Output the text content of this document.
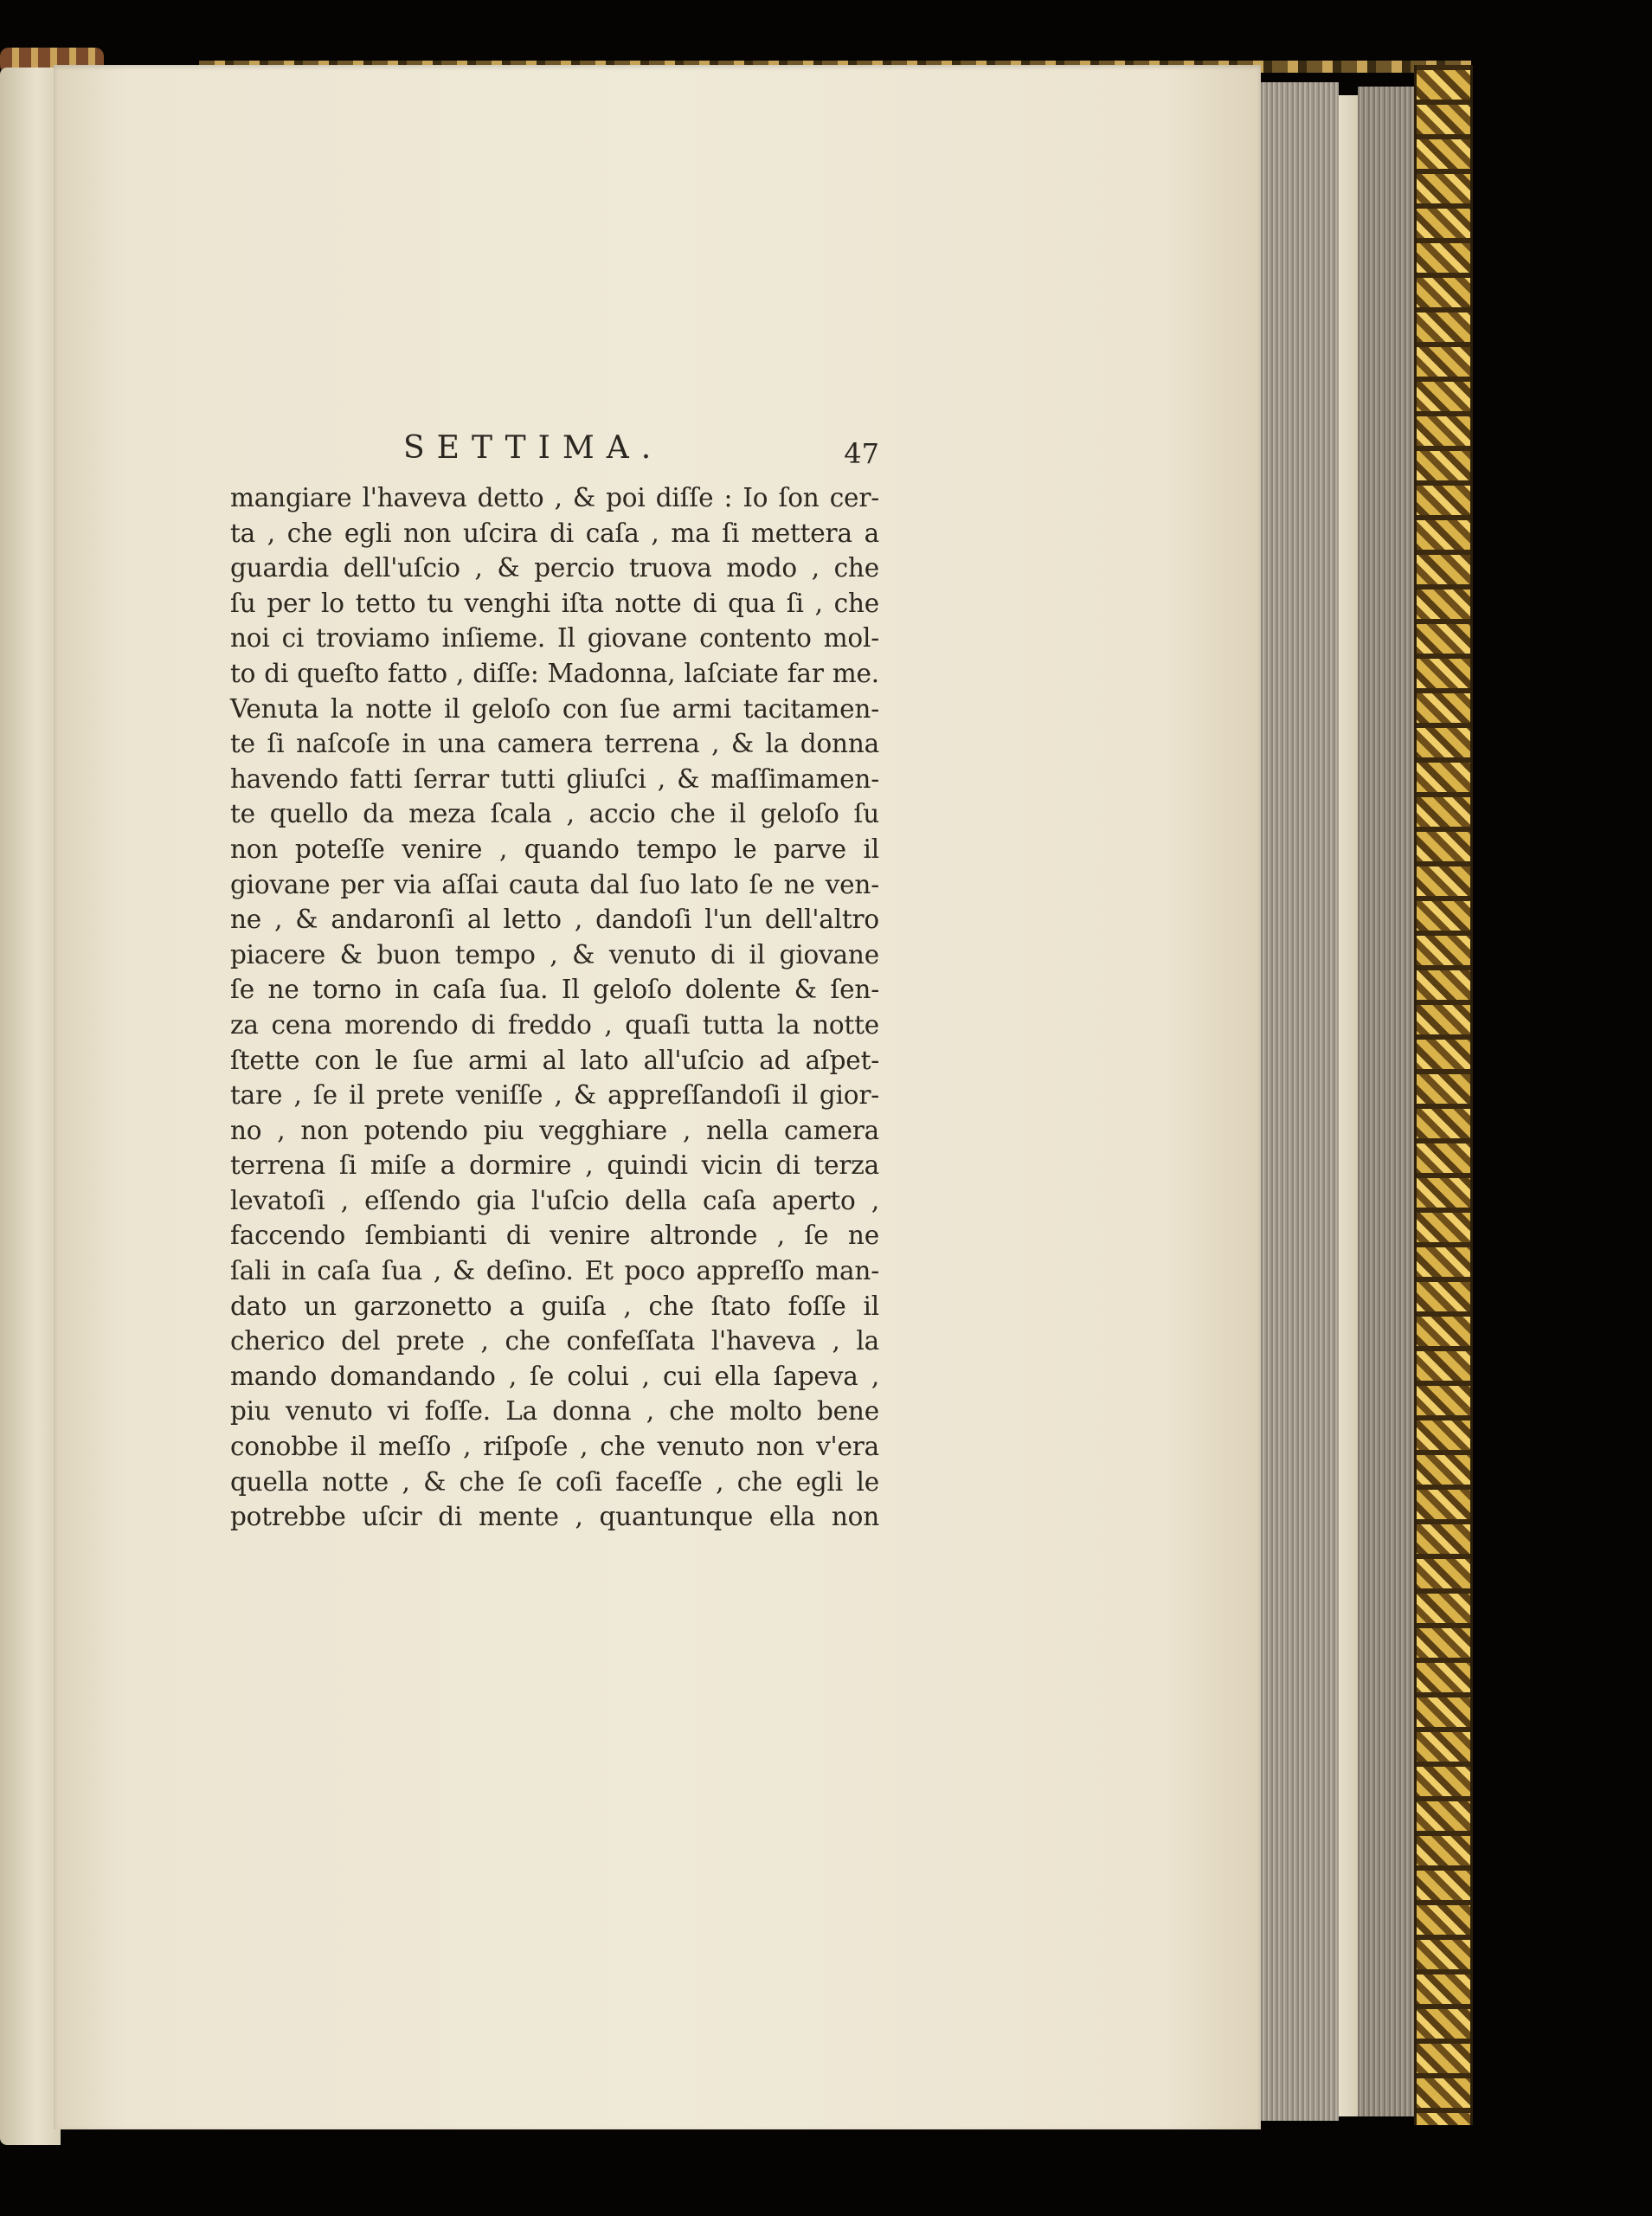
SETTIMA.	47
mangiare l'haveva detto , & poi diſſe : Io ſon cer-
ta , che egli non uſcira di caſa , ma ſi mettera a
guardia dell'uſcio , & percio truova modo , che
ſu per lo tetto tu venghi iſta notte di qua ſi , che
noi ci troviamo inſieme. Il giovane contento mol-
to di queſto fatto , diſſe: Madonna, laſciate far me.
Venuta la notte il geloſo con ſue armi tacitamen-
te ſi naſcoſe in una camera terrena , & la donna
havendo fatti ſerrar tutti gliuſci , & maſſimamen-
te quello da meza ſcala , accio che il geloſo ſu
non poteſſe venire , quando tempo le parve il
giovane per via aſſai cauta dal ſuo lato ſe ne ven-
ne , & andaronſi al letto , dandoſi l'un dell'altro
piacere & buon tempo , & venuto di il giovane
ſe ne torno in caſa ſua. Il geloſo dolente & ſen-
za cena morendo di freddo , quaſi tutta la notte
ſtette con le ſue armi al lato all'uſcio ad aſpet-
tare , ſe il prete veniſſe , & appreſſandoſi il gior-
no , non potendo piu vegghiare , nella camera
terrena ſi miſe a dormire , quindi vicin di terza
levatoſi , eſſendo gia l'uſcio della caſa aperto ,
faccendo ſembianti di venire altronde , ſe ne
ſali in caſa ſua , & deſino. Et poco appreſſo man-
dato un garzonetto a guiſa , che ſtato foſſe il
cherico del prete , che confeſſata l'haveva , la
mando domandando , ſe colui , cui ella ſapeva ,
piu venuto vi foſſe. La donna , che molto bene
conobbe il meſſo , riſpoſe , che venuto non v'era
quella notte , & che ſe coſi faceſſe , che egli le
potrebbe uſcir di mente , quantunque ella non
